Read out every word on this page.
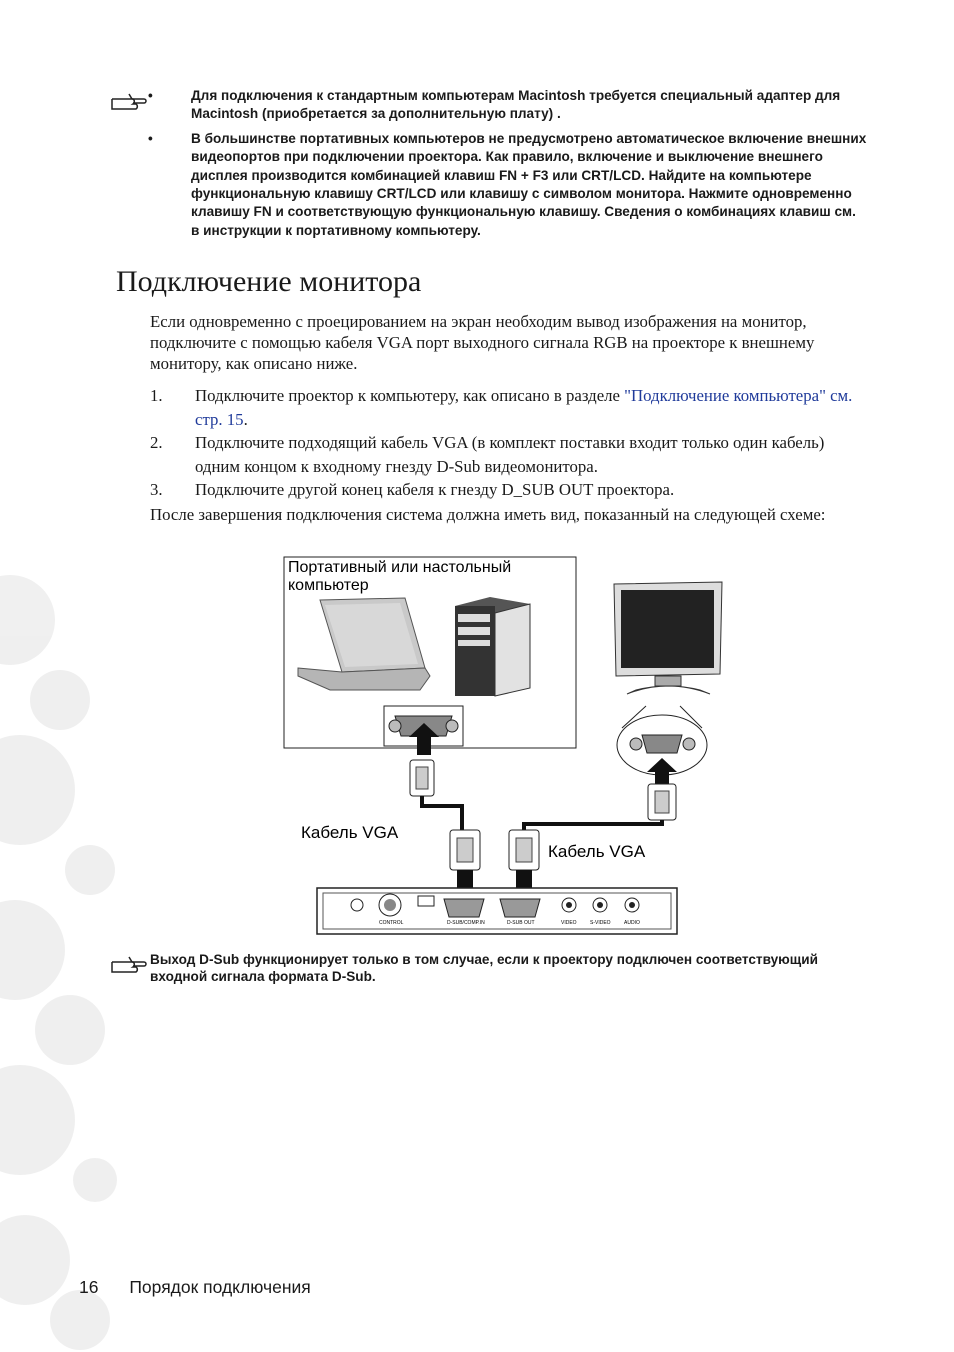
•	Для подключения к стандартным компьютерам Macintosh требуется специальный адаптер для Macintosh (приобретается за дополнительную плату) .
•	В большинстве портативных компьютеров не предусмотрено автоматическое включение внешних видеопортов при подключении проектора. Как правило, включение и выключение внешнего дисплея производится комбинацией клавиш FN + F3 или CRT/LCD. Найдите на компьютере функциональную клавишу CRT/LCD или клавишу с символом монитора. Нажмите одновременно клавишу FN и соответствующую функциональную клавишу. Сведения о комбинациях клавиш см. в инструкции к портативному компьютеру.
Подключение монитора

Если одновременно с проецированием на экран необходим вывод изображения на монитор, подключите с помощью кабеля VGA порт выходного сигнала RGB на проекторе к внешнему монитору, как описано ниже.

1. Подключите проектор к компьютеру, как описано в разделе "Подключение компьютера" см. стр. 15.
2. Подключите подходящий кабель VGA (в комплект поставки входит только один кабель) одним концом к входному гнезду D-Sub видеомонитора.
3. Подключите другой конец кабеля к гнезду D_SUB OUT проектора.

После завершения подключения система должна иметь вид, показанный на следующей схеме:

Портативный или настольный
компьютер
Кабель VGA
Кабель VGA
CONTROL	D-SUB/COMP.IN	D-SUB OUT	VIDEO	S-VIDEO	AUDIO
Выход D-Sub функционирует только в том случае, если к проектору подключен соответствующий входной сигнала формата D-Sub.
16 Порядок подключения
